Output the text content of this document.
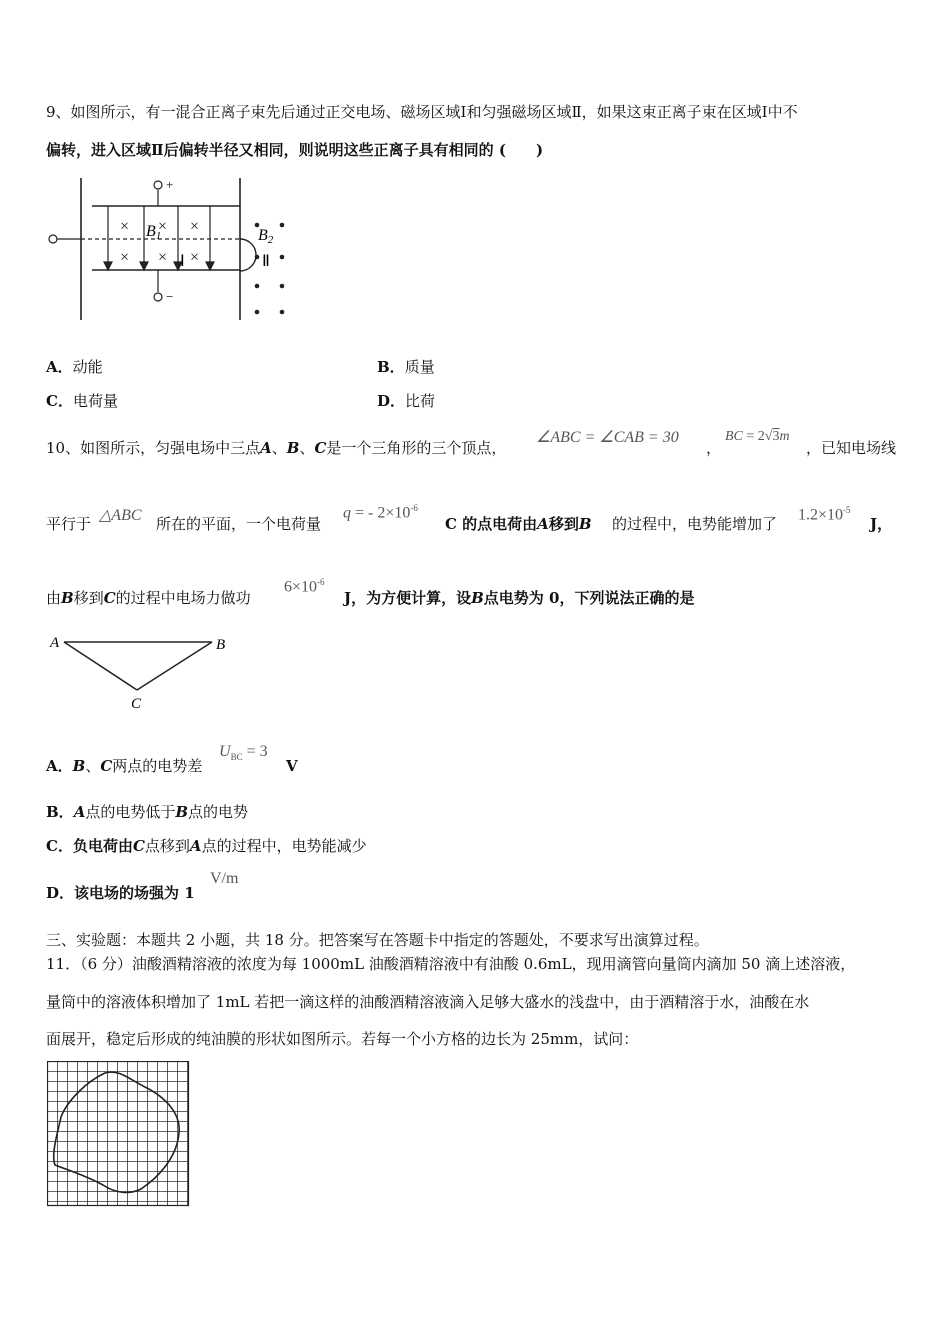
9、如图所示，有一混合正离子束先后通过正交电场、磁场区域Ⅰ和匀强磁场区域Ⅱ，如果这束正离子束在区域Ⅰ中不
偏转，进入区域Ⅱ后偏转半径又相同，则说明这些正离子具有相同的 (　　)
+
−
× × ×
× × ×
B1
Ⅰ
B2
Ⅱ
A．动能	B．质量
C．电荷量	D．比荷
10、如图所示，匀强电场中三点A、B、C是一个三角形的三个顶点，
∠ABC = ∠CAB = 30
，
BC = 2√3m
，已知电场线
平行于 △ABC 所在的平面，一个电荷量
q = - $2\times 10^{-6}$
C 的点电荷由A移到B 的过程中，电势能增加了
$1.2\times 10^{-5}$
J，
由B移到C的过程中电场力做功
$6\times 10^{-6}$
J，为方便计算，设B点电势为 0，下列说法正确的是
A	B
C
A．B、C两点的电势差
$U_{BC} = 3$
V
B．A点的电势低于B点的电势
C．负电荷由C点移到A点的过程中，电势能减少
D．该电场的场强为 1
V/m
三、实验题：本题共 2 小题，共 18 分。把答案写在答题卡中指定的答题处，不要求写出演算过程。
11．（6 分）油酸酒精溶液的浓度为每 1000mL 油酸酒精溶液中有油酸 0.6mL，现用滴管向量筒内滴加 50 滴上述溶液，
量筒中的溶液体积增加了 1mL 若把一滴这样的油酸酒精溶液滴入足够大盛水的浅盘中，由于酒精溶于水，油酸在水
面展开，稳定后形成的纯油膜的形状如图所示。若每一个小方格的边长为 25mm，试问：
